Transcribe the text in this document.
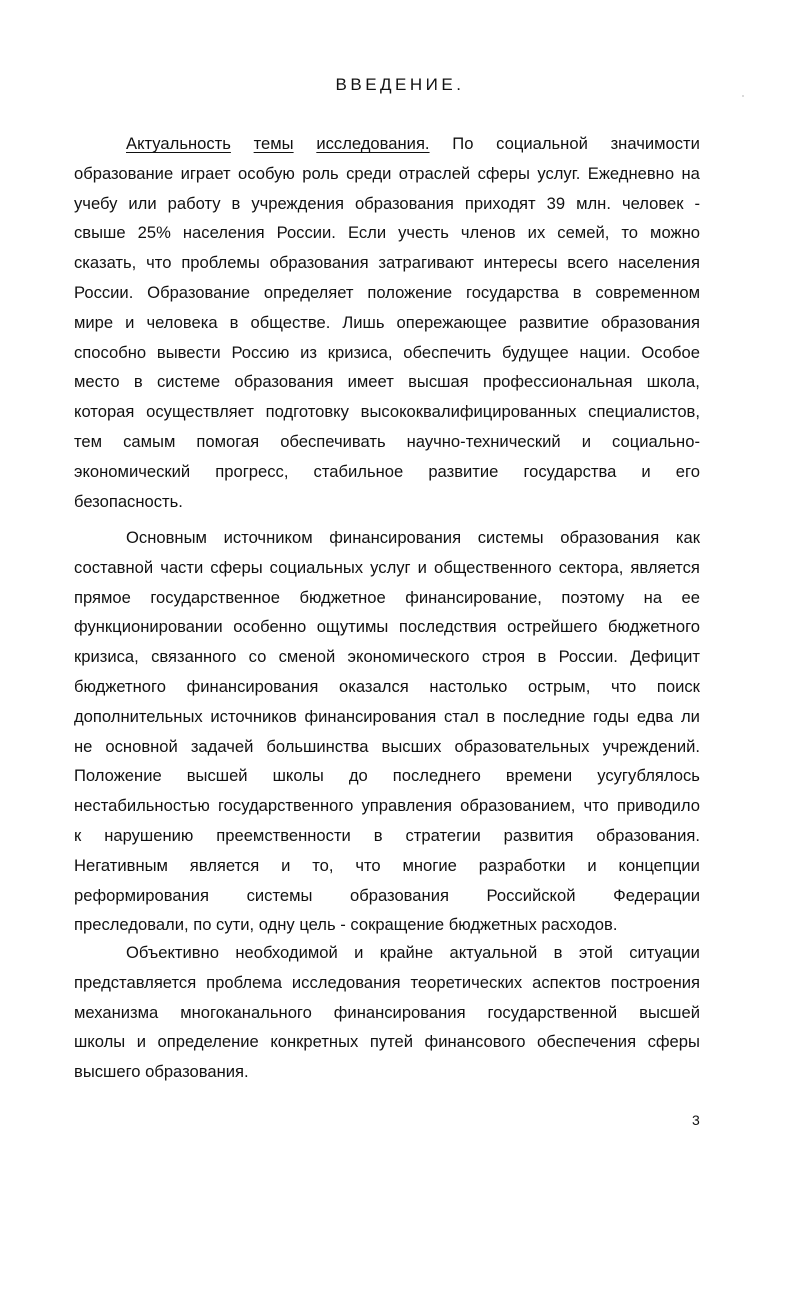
ВВЕДЕНИЕ.
Актуальность темы исследования. По социальной значимости
образование играет особую роль среди отраслей сферы услуг. Ежедневно на
учебу или работу в учреждения образования приходят 39 млн. человек -
свыше 25% населения России. Если учесть членов их семей, то можно
сказать, что проблемы образования затрагивают интересы всего населения
России. Образование определяет положение государства в современном
мире и человека в обществе. Лишь опережающее развитие образования
способно вывести Россию из кризиса, обеспечить будущее нации. Особое
место в системе образования имеет высшая профессиональная школа,
которая осуществляет подготовку высококвалифицированных специалистов,
тем самым помогая обеспечивать научно-технический и социально-
экономический прогресс, стабильное развитие государства и его
безопасность.
Основным источником финансирования системы образования как
составной части сферы социальных услуг и общественного сектора, является
прямое государственное бюджетное финансирование, поэтому на ее
функционировании особенно ощутимы последствия острейшего бюджетного
кризиса, связанного со сменой экономического строя в России. Дефицит
бюджетного финансирования оказался настолько острым, что поиск
дополнительных источников финансирования стал в последние годы едва ли
не основной задачей большинства высших образовательных учреждений.
Положение высшей школы до последнего времени усугублялось
нестабильностью государственного управления образованием, что приводило
к нарушению преемственности в стратегии развития образования.
Негативным является и то, что многие разработки и концепции
реформирования системы образования Российской Федерации
преследовали, по сути, одну цель - сокращение бюджетных расходов.
Объективно необходимой и крайне актуальной в этой ситуации
представляется проблема исследования теоретических аспектов построения
механизма многоканального финансирования государственной высшей
школы и определение конкретных путей финансового обеспечения сферы
высшего образования.
3
